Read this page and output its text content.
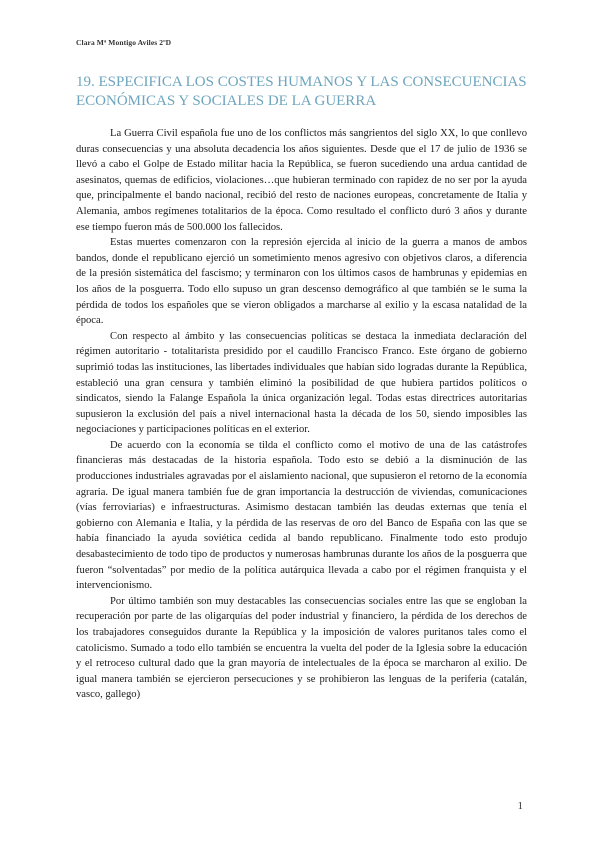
Clara Mª Montigo Aviles 2ºD
19. ESPECIFICA LOS COSTES HUMANOS Y LAS CONSECUENCIAS ECONÓMICAS Y SOCIALES DE LA GUERRA

La Guerra Civil española fue uno de los conflictos más sangrientos del siglo XX, lo que conllevo duras consecuencias y una absoluta decadencia los años siguientes. Desde que el 17 de julio de 1936 se llevó a cabo el Golpe de Estado militar hacia la República, se fueron sucediendo una ardua cantidad de asesinatos, quemas de edificios, violaciones…que hubieran terminado con rapidez de no ser por la ayuda que, principalmente el bando nacional, recibió del resto de naciones europeas, concretamente de Italia y Alemania, ambos regímenes totalitarios de la época. Como resultado el conflicto duró 3 años y durante ese tiempo fueron más de 500.000 los fallecidos.

Estas muertes comenzaron con la represión ejercida al inicio de la guerra a manos de ambos bandos, donde el republicano ejerció un sometimiento menos agresivo con objetivos claros, a diferencia de la presión sistemática del fascismo; y terminaron con los últimos casos de hambrunas y epidemias en los años de la posguerra. Todo ello supuso un gran descenso demográfico al que también se le suma la pérdida de todos los españoles que se vieron obligados a marcharse al exilio y la escasa natalidad de la época.

Con respecto al ámbito y las consecuencias políticas se destaca la inmediata declaración del régimen autoritario - totalitarista presidido por el caudillo Francisco Franco. Este órgano de gobierno suprimió todas las instituciones, las libertades individuales que habían sido logradas durante la República, estableció una gran censura y también eliminó la posibilidad de que hubiera partidos políticos o sindicatos, siendo la Falange Española la única organización legal. Todas estas directrices autoritarias supusieron la exclusión del país a nivel internacional hasta la década de los 50, siendo imposibles las negociaciones y participaciones políticas en el exterior.

De acuerdo con la economía se tilda el conflicto como el motivo de una de las catástrofes financieras más destacadas de la historia española. Todo esto se debió a la disminución de las producciones industriales agravadas por el aislamiento nacional, que supusieron el retorno de la economía agraria. De igual manera también fue de gran importancia la destrucción de viviendas, comunicaciones (vías ferroviarias) e infraestructuras. Asimismo destacan también las deudas externas que tenía el gobierno con Alemania e Italia, y la pérdida de las reservas de oro del Banco de España con las que se había financiado la ayuda soviética cedida al bando republicano. Finalmente todo esto produjo desabastecimiento de todo tipo de productos y numerosas hambrunas durante los años de la posguerra que fueron “solventadas” por medio de la política autárquica llevada a cabo por el régimen franquista y el intervencionismo.

Por último también son muy destacables las consecuencias sociales entre las que se engloban la recuperación por parte de las oligarquías del poder industrial y financiero, la pérdida de los derechos de los trabajadores conseguidos durante la República y la imposición de valores puritanos tales como el catolicismo. Sumado a todo ello también se encuentra la vuelta del poder de la Iglesia sobre la educación y el retroceso cultural dado que la gran mayoría de intelectuales de la época se marcharon al exilio. De igual manera también se ejercieron persecuciones y se prohibieron las lenguas de la periferia (catalán, vasco, gallego)

1
